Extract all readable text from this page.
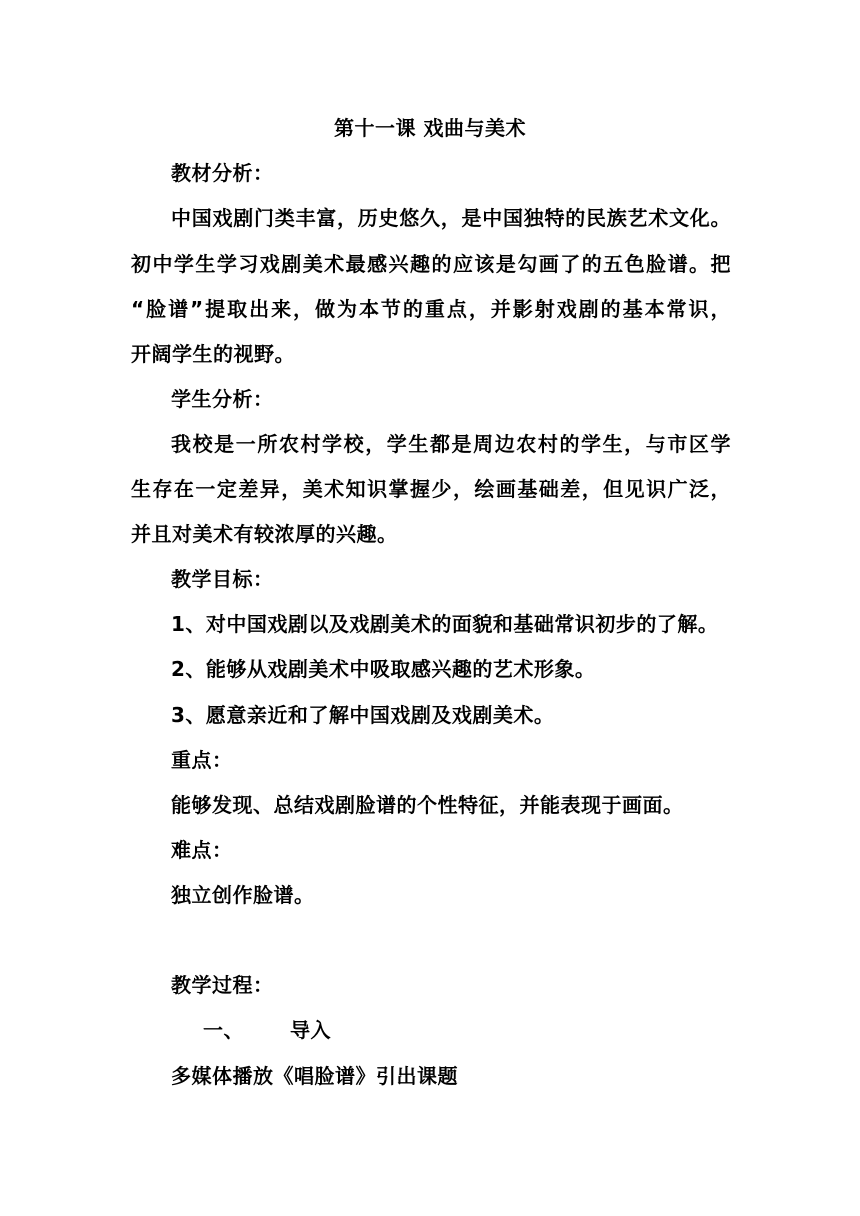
第十一课 戏曲与美术
教材分析：
中国戏剧门类丰富，历史悠久，是中国独特的民族艺术文化。
初中学生学习戏剧美术最感兴趣的应该是勾画了的五色脸谱。把
“脸谱”提取出来，做为本节的重点，并影射戏剧的基本常识，
开阔学生的视野。
学生分析：
我校是一所农村学校，学生都是周边农村的学生，与市区学
生存在一定差异，美术知识掌握少，绘画基础差，但见识广泛，
并且对美术有较浓厚的兴趣。
教学目标：
1、对中国戏剧以及戏剧美术的面貌和基础常识初步的了解。
2、能够从戏剧美术中吸取感兴趣的艺术形象。
3、愿意亲近和了解中国戏剧及戏剧美术。
重点：
能够发现、总结戏剧脸谱的个性特征，并能表现于画面。
难点：
独立创作脸谱。
教学过程：
一、 导入
多媒体播放《唱脸谱》引出课题
